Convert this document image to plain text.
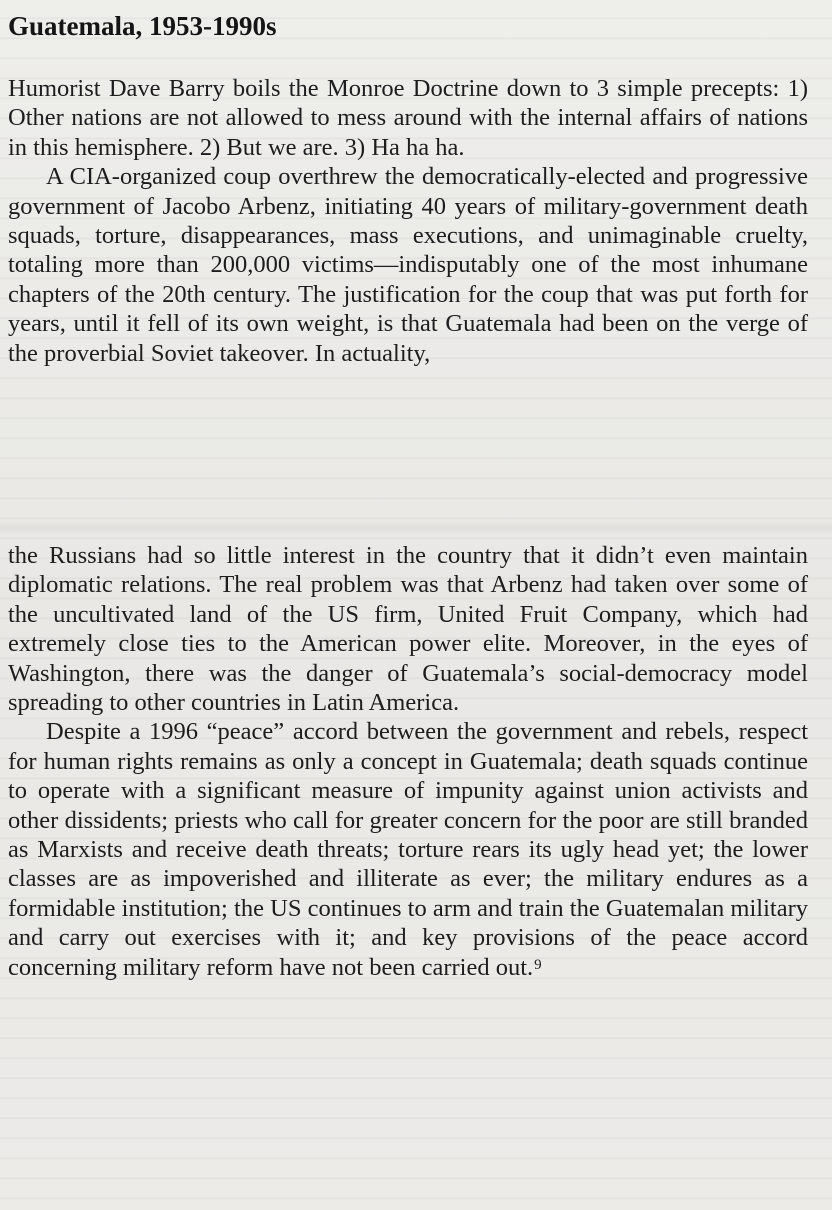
Guatemala, 1953-1990s

Humorist Dave Barry boils the Monroe Doctrine down to 3 simple precepts: 1) Other nations are not allowed to mess around with the internal affairs of nations in this hemisphere. 2) But we are. 3) Ha ha ha.

A CIA-organized coup overthrew the democratically-elected and progressive government of Jacobo Arbenz, initiating 40 years of military-government death squads, torture, disappearances, mass executions, and unimaginable cruelty, totaling more than 200,000 victims—indisputably one of the most inhumane chapters of the 20th century. The justification for the coup that was put forth for years, until it fell of its own weight, is that Guatemala had been on the verge of the proverbial Soviet takeover. In actuality,

the Russians had so little interest in the country that it didn’t even maintain diplomatic relations. The real problem was that Arbenz had taken over some of the uncultivated land of the US firm, United Fruit Company, which had extremely close ties to the American power elite. Moreover, in the eyes of Washington, there was the danger of Guatemala’s social-democracy model spreading to other countries in Latin America.

Despite a 1996 “peace” accord between the government and rebels, respect for human rights remains as only a concept in Guatemala; death squads continue to operate with a significant measure of impunity against union activists and other dissidents; priests who call for greater concern for the poor are still branded as Marxists and receive death threats; torture rears its ugly head yet; the lower classes are as impoverished and illiterate as ever; the military endures as a formidable institution; the US continues to arm and train the Guatemalan military and carry out exercises with it; and key provisions of the peace accord concerning military reform have not been carried out.$^9$
